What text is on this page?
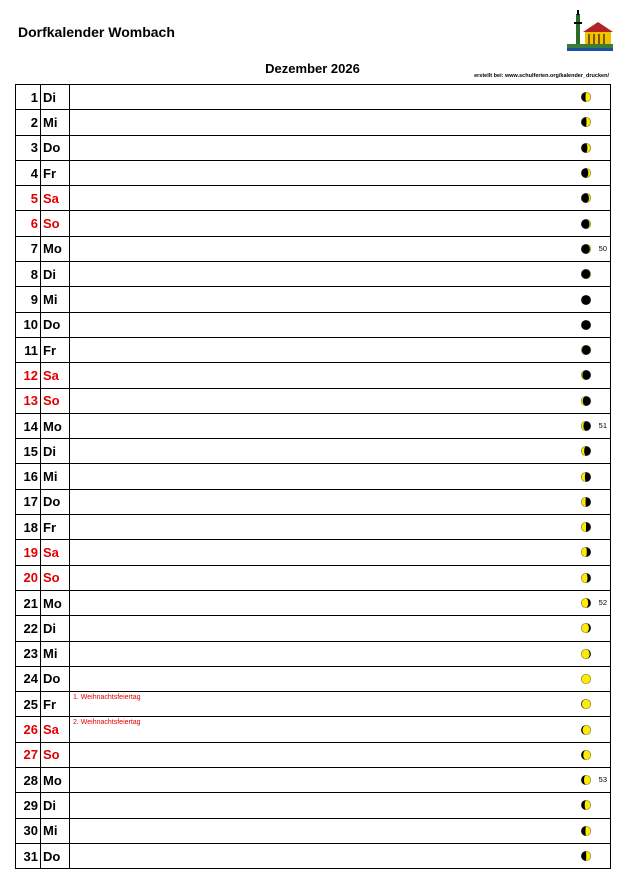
Dorfkalender Wombach
Dezember 2026	erstellt bei: www.schulferien.org/kalender_drucken/
1	Di	

2	Mi	

3	Do	

4	Fr	

5	Sa	

6	So	

7	Mo	50

8	Di	

9	Mi	

10	Do	

11	Fr	

12	Sa	

13	So	

14	Mo	51

15	Di	

16	Mi	

17	Do	

18	Fr	

19	Sa	

20	So	

21	Mo	52

22	Di	

23	Mi	

24	Do	

25	Fr	1. Weihnachtsfeiertag

26	Sa	2. Weihnachtsfeiertag

27	So	

28	Mo	53

29	Di	

30	Mi	

31	Do	
